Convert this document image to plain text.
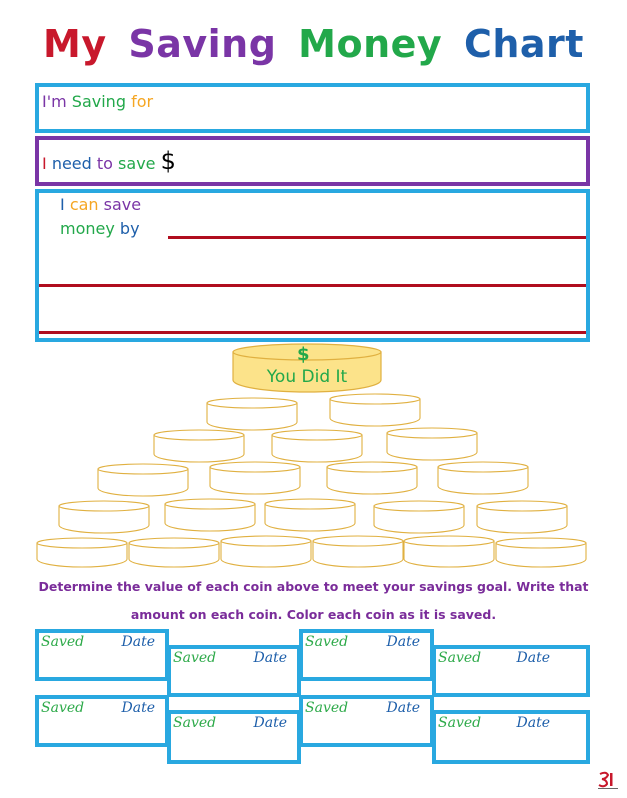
My Saving Money Chart
I'm Saving for
I need to save $
I can save
money by
$
You Did It
Determine the value of each coin above to meet your savings goal. Write that
amount on each coin. Color each coin as it is saved.
Saved	Date
Saved	Date
Saved	Date
Saved	Date
Saved	Date
Saved	Date
Saved	Date
Saved	Date
